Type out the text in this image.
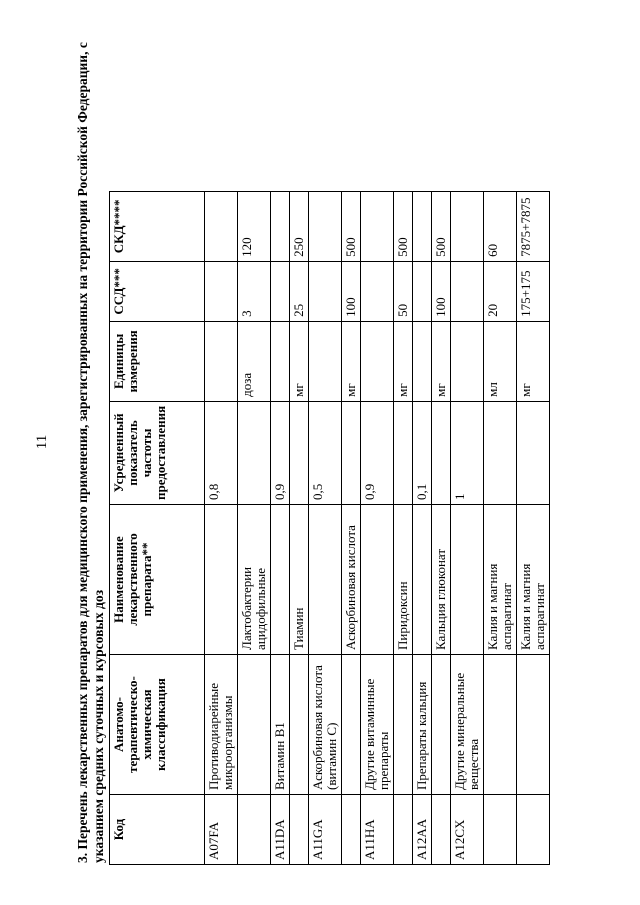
11 3. Перечень лекарственных препаратов для медицинского применения, зарегистрированных на территории Российской Федерации, с указанием средних суточных и курсовых доз Код	Анатомо-терапевтическо-химическая классификация	Наименование лекарственного препарата**	Усредненный показатель частоты предоставления	Единицы измерения	ССД***	СКД****
A07FA	Противодиарейные микроорганизмы		0,8			
		Лактобактерии ацидофильные		доза	3	120
A11DA	Витамин B1		0,9			
		Тиамин		мг	25	250
A11GA	Аскорбиновая кислота (витамин C)		0,5			
		Аскорбиновая кислота		мг	100	500
A11HA	Другие витаминные препараты		0,9			
		Пиридоксин		мг	50	500
A12AA	Препараты кальция		0,1			
		Кальция глюконат		мг	100	500
A12CX	Другие минеральные вещества		1			
		Калия и магния аспарагинат		мл	20	60
		Калия и магния аспарагинат		мг	175+175	7875+7875
